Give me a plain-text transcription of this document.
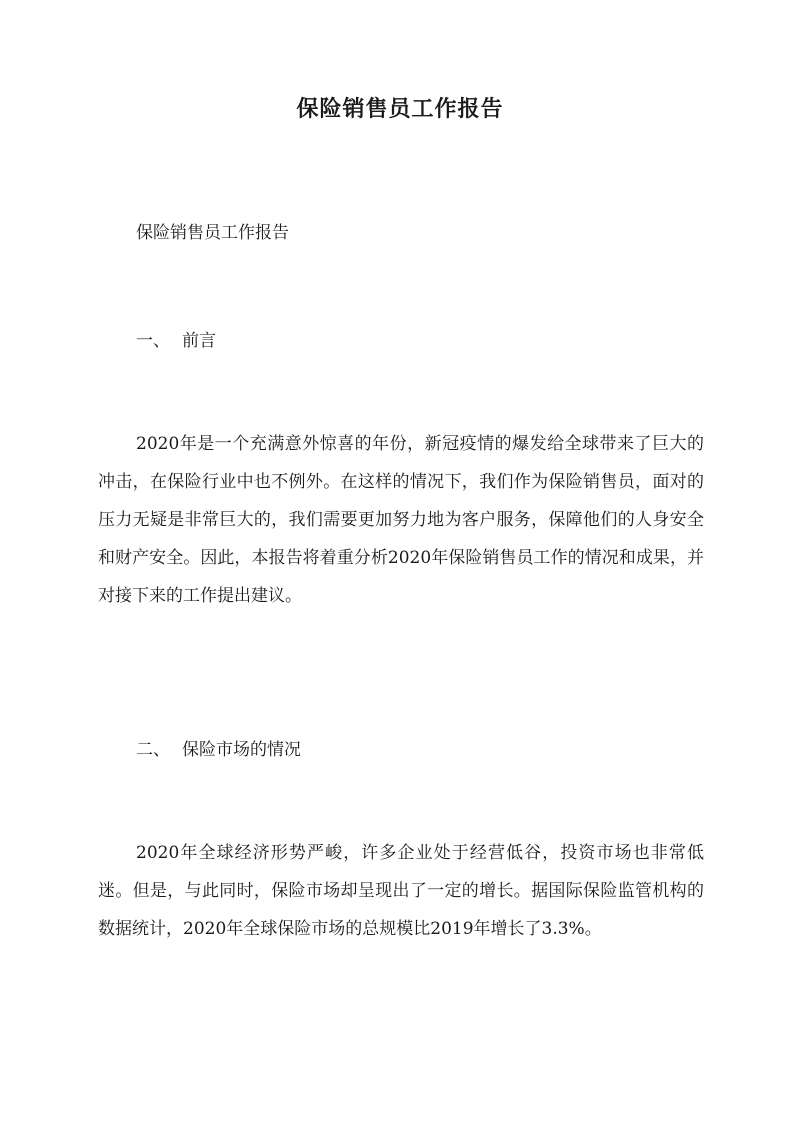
保险销售员工作报告
保险销售员工作报告
一、 前言

2020年是一个充满意外惊喜的年份，新冠疫情的爆发给全球带来了巨大的冲击，在保险行业中也不例外。在这样的情况下，我们作为保险销售员，面对的压力无疑是非常巨大的，我们需要更加努力地为客户服务，保障他们的人身安全和财产安全。因此，本报告将着重分析2020年保险销售员工作的情况和成果，并对接下来的工作提出建议。

二、 保险市场的情况

2020年全球经济形势严峻，许多企业处于经营低谷，投资市场也非常低迷。但是，与此同时，保险市场却呈现出了一定的增长。据国际保险监管机构的数据统计，2020年全球保险市场的总规模比2019年增长了3.3%。
